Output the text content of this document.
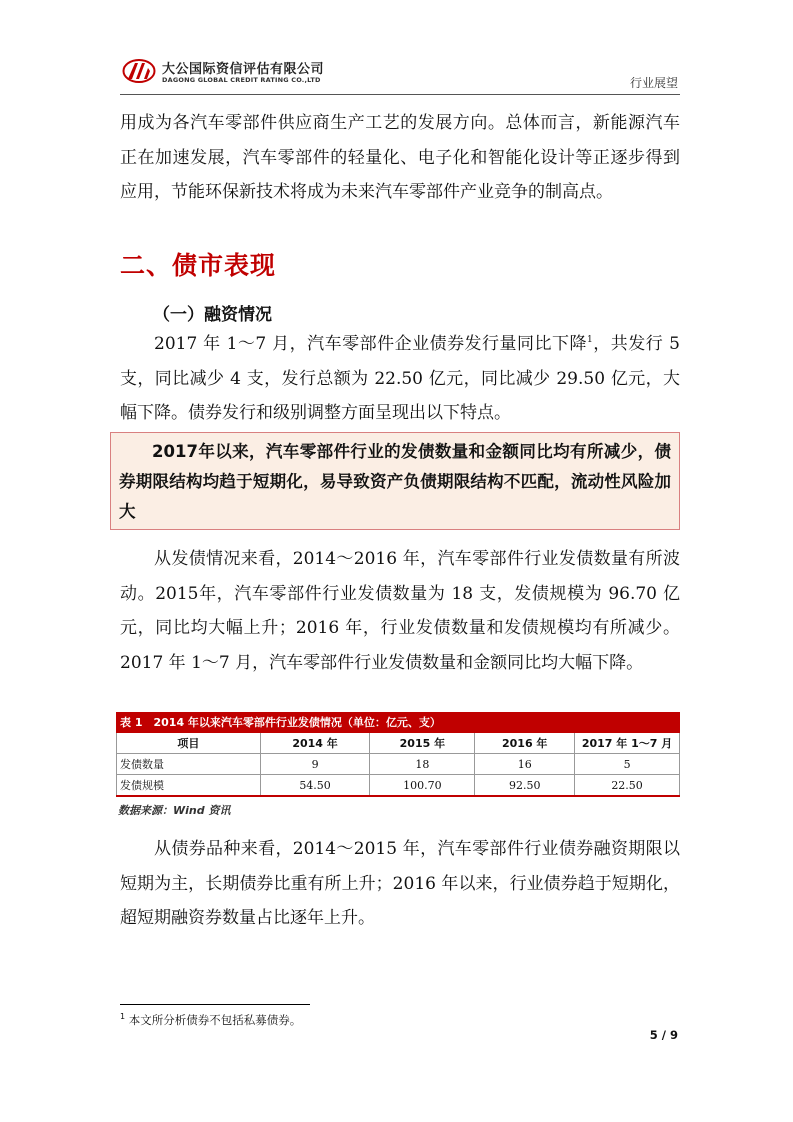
大公国际资信评估有限公司
DAGONG GLOBAL CREDIT RATING CO.,LTD	行业展望

用成为各汽车零部件供应商生产工艺的发展方向。总体而言，新能源汽车正在加速发展，汽车零部件的轻量化、电子化和智能化设计等正逐步得到应用，节能环保新技术将成为未来汽车零部件产业竞争的制高点。

二、债市表现
（一）融资情况

2017 年 1～7 月，汽车零部件企业债券发行量同比下降$^1$，共发行 5 支，同比减少 4 支，发行总额为 22.50 亿元，同比减少 29.50 亿元，大幅下降。债券发行和级别调整方面呈现出以下特点。

2017年以来，汽车零部件行业的发债数量和金额同比均有所减少，债券期限结构均趋于短期化，易导致资产负债期限结构不匹配，流动性风险加大

从发债情况来看，2014～2016 年，汽车零部件行业发债数量有所波动。2015年，汽车零部件行业发债数量为 18 支，发债规模为 96.70 亿元，同比均大幅上升；2016 年，行业发债数量和发债规模均有所减少。2017 年 1～7 月，汽车零部件行业发债数量和金额同比均大幅下降。

表 1　2014 年以来汽车零部件行业发债情况（单位：亿元、支）
项目	2014 年	2015 年	2016 年	2017 年 1～7 月
发债数量	9	18	16	5
发债规模	54.50	100.70	92.50	22.50
数据来源：Wind 资讯

从债券品种来看，2014～2015 年，汽车零部件行业债券融资期限以短期为主，长期债券比重有所上升；2016 年以来，行业债券趋于短期化，超短期融资券数量占比逐年上升。

$^1$ 本文所分析债券不包括私募债券。
5 / 9
